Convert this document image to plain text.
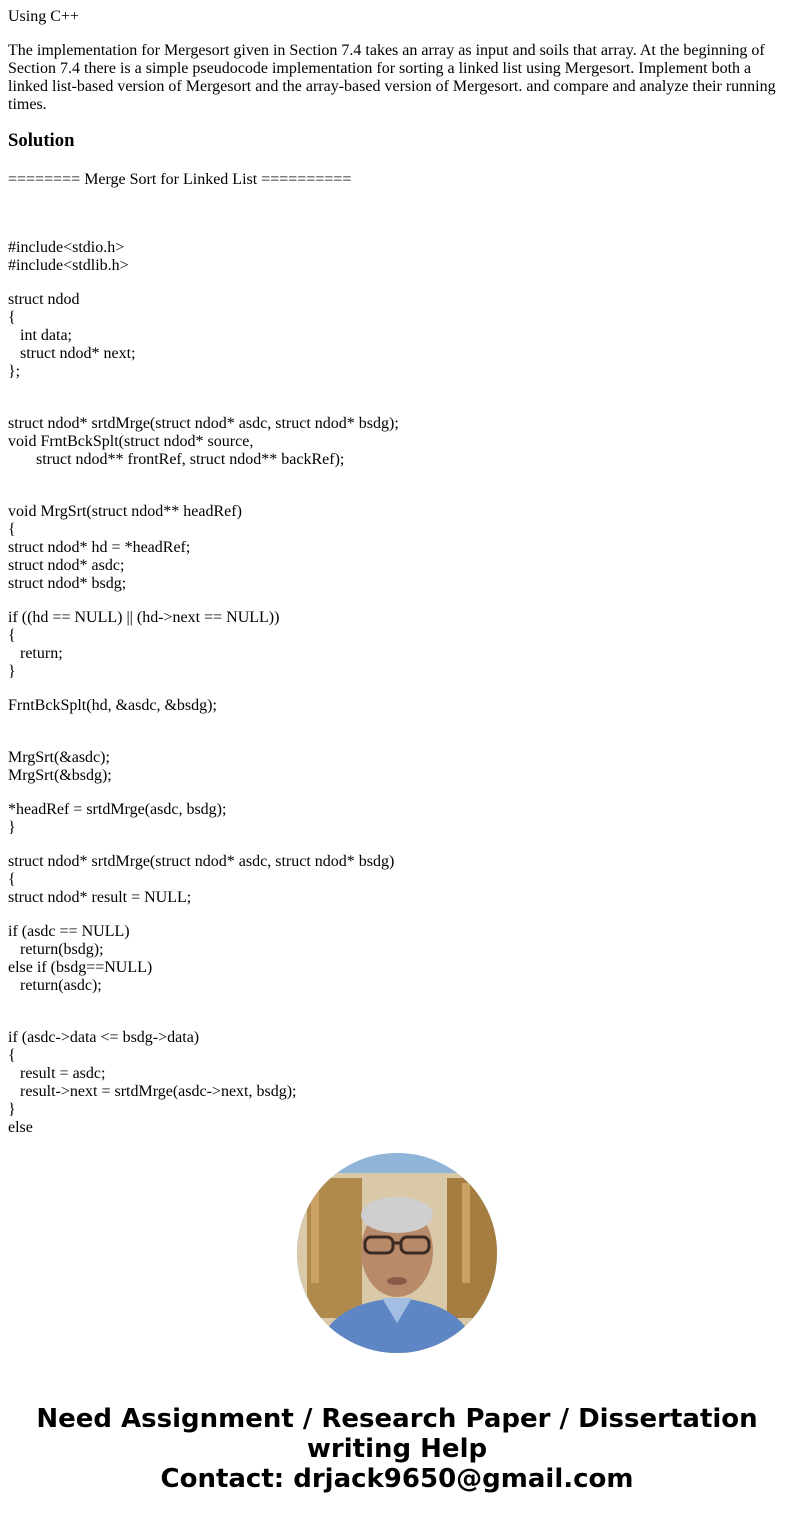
Using C++
The implementation for Mergesort given in Section 7.4 takes an array as input and soils that array. At the beginning of Section 7.4 there is a simple pseudocode implementation for sorting a linked list using Mergesort. Implement both a linked list-based version of Mergesort and the array-based version of Mergesort. and compare and analyze their running times.
Solution
======== Merge Sort for Linked List ==========
#include<stdio.h>
#include<stdlib.h>
struct ndod
{
int data;
struct ndod* next;
};
struct ndod* srtdMrge(struct ndod* asdc, struct ndod* bsdg);
void FrntBckSplt(struct ndod* source,
struct ndod** frontRef, struct ndod** backRef);
void MrgSrt(struct ndod** headRef)
{
struct ndod* hd = *headRef;
struct ndod* asdc;
struct ndod* bsdg;
if ((hd == NULL) || (hd->next == NULL))
{
return;
}
FrntBckSplt(hd, &asdc, &bsdg);
MrgSrt(&asdc);
MrgSrt(&bsdg);
*headRef = srtdMrge(asdc, bsdg);
}
struct ndod* srtdMrge(struct ndod* asdc, struct ndod* bsdg)
{
struct ndod* result = NULL;
if (asdc == NULL)
return(bsdg);
else if (bsdg==NULL)
return(asdc);
if (asdc->data <= bsdg->data)
{
result = asdc;
result->next = srtdMrge(asdc->next, bsdg);
}
else
Need Assignment / Research Paper / Dissertation
writing Help
Contact: drjack9650@gmail.com
